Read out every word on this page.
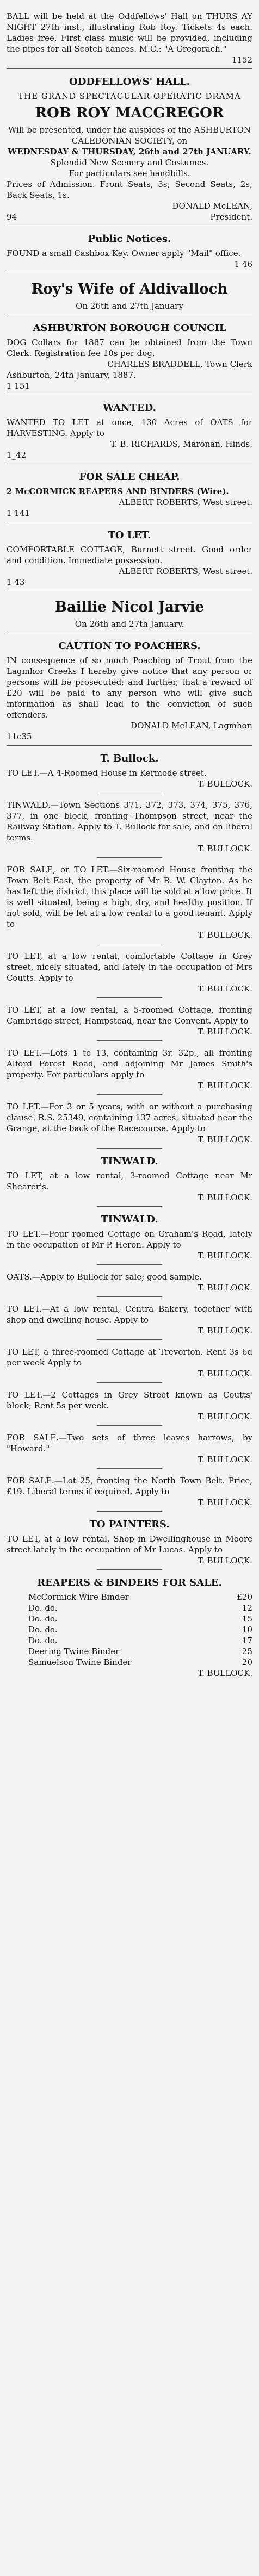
BALL will be held at the Oddfellows' Hall on THURS AY NIGHT 27th inst., illustrating Rob Roy. Tickets 4s each. Ladies free. First class music will be provided, including the pipes for all Scotch dances. M.C.: "A Gregorach."

1152

ODDFELLOWS' HALL.

THE GRAND SPECTACULAR OPERATIC DRAMA

ROB ROY MACGREGOR

Will be presented, under the auspices of the ASHBURTON CALEDONIAN SOCIETY, on

WEDNESDAY & THURSDAY, 26th and 27th JANUARY.

Splendid New Scenery and Costumes.

For particulars see handbills.

Prices of Admission: Front Seats, 3s; Second Seats, 2s; Back Seats, 1s.

DONALD McLEAN,

94	President.
Public Notices.

FOUND a small Cashbox Key. Owner apply "Mail" office.

1 46

Roy's Wife of Aldivalloch

On 26th and 27th January

ASHBURTON BOROUGH COUNCIL

DOG Collars for 1887 can be obtained from the Town Clerk. Registration fee 10s per dog.

CHARLES BRADDELL, Town Clerk

Ashburton, 24th January, 1887.

1 151

WANTED.

WANTED TO LET at once, 130 Acres of OATS for HARVESTING. Apply to

T. B. RICHARDS, Maronan, Hinds.

1_42

FOR SALE CHEAP.

2 McCORMICK REAPERS AND BINDERS (Wire).

ALBERT ROBERTS, West street.

1 141

TO LET.

COMFORTABLE COTTAGE, Burnett street. Good order and condition. Immediate possession.

ALBERT ROBERTS, West street.

1 43

Baillie Nicol Jarvie

On 26th and 27th January.

CAUTION TO POACHERS.

IN consequence of so much Poaching of Trout from the Lagmhor Creeks I hereby give notice that any person or persons will be prosecuted; and further, that a reward of £20 will be paid to any person who will give such information as shall lead to the conviction of such offenders.

DONALD McLEAN, Lagmhor.

11c35

T. Bullock.

TO LET.—A 4-Roomed House in Kermode street.

T. BULLOCK.

TINWALD.—Town Sections 371, 372, 373, 374, 375, 376, 377, in one block, fronting Thompson street, near the Railway Station. Apply to T. Bullock for sale, and on liberal terms.

T. BULLOCK.

FOR SALE, or TO LET.—Six-roomed House fronting the Town Belt East, the property of Mr R. W. Clayton. As he has left the district, this place will be sold at a low price. It is well situated, being a high, dry, and healthy position. If not sold, will be let at a low rental to a good tenant. Apply to

T. BULLOCK.

TO LET, at a low rental, comfortable Cottage in Grey street, nicely situated, and lately in the occupation of Mrs Coutts. Apply to

T. BULLOCK.

TO LET, at a low rental, a 5-roomed Cottage, fronting Cambridge street, Hampstead, near the Convent. Apply to

T. BULLOCK.

TO LET.—Lots 1 to 13, containing 3r. 32p., all fronting Alford Forest Road, and adjoining Mr James Smith's property. For particulars apply to

T. BULLOCK.

TO LET.—For 3 or 5 years, with or without a purchasing clause, R.S. 25349, containing 137 acres, situated near the Grange, at the back of the Racecourse. Apply to

T. BULLOCK.

TINWALD.

TO LET, at a low rental, 3-roomed Cottage near Mr Shearer's.

T. BULLOCK.

TINWALD.

TO LET.—Four roomed Cottage on Graham's Road, lately in the occupation of Mr P. Heron. Apply to

T. BULLOCK.

OATS.—Apply to Bullock for sale; good sample.

T. BULLOCK.

TO LET.—At a low rental, Centra Bakery, together with shop and dwelling house. Apply to

T. BULLOCK.

TO LET, a three-roomed Cottage at Trevorton. Rent 3s 6d per week Apply to

T. BULLOCK.

TO LET.—2 Cottages in Grey Street known as Coutts' block; Rent 5s per week.

T. BULLOCK.

FOR SALE.—Two sets of three leaves harrows, by "Howard."

T. BULLOCK.

FOR SALE.—Lot 25, fronting the North Town Belt. Price, £19. Liberal terms if required. Apply to

T. BULLOCK.

TO PAINTERS.

TO LET, at a low rental, Shop in Dwellinghouse in Moore street lately in the occupation of Mr Lucas. Apply to

T. BULLOCK.

REAPERS & BINDERS FOR SALE.
McCormick Wire Binder	£20
Do. do.	12
Do. do.	15
Do. do.	10
Do. do.	17
Deering Twine Binder	25
Samuelson Twine Binder	20

T. BULLOCK.
